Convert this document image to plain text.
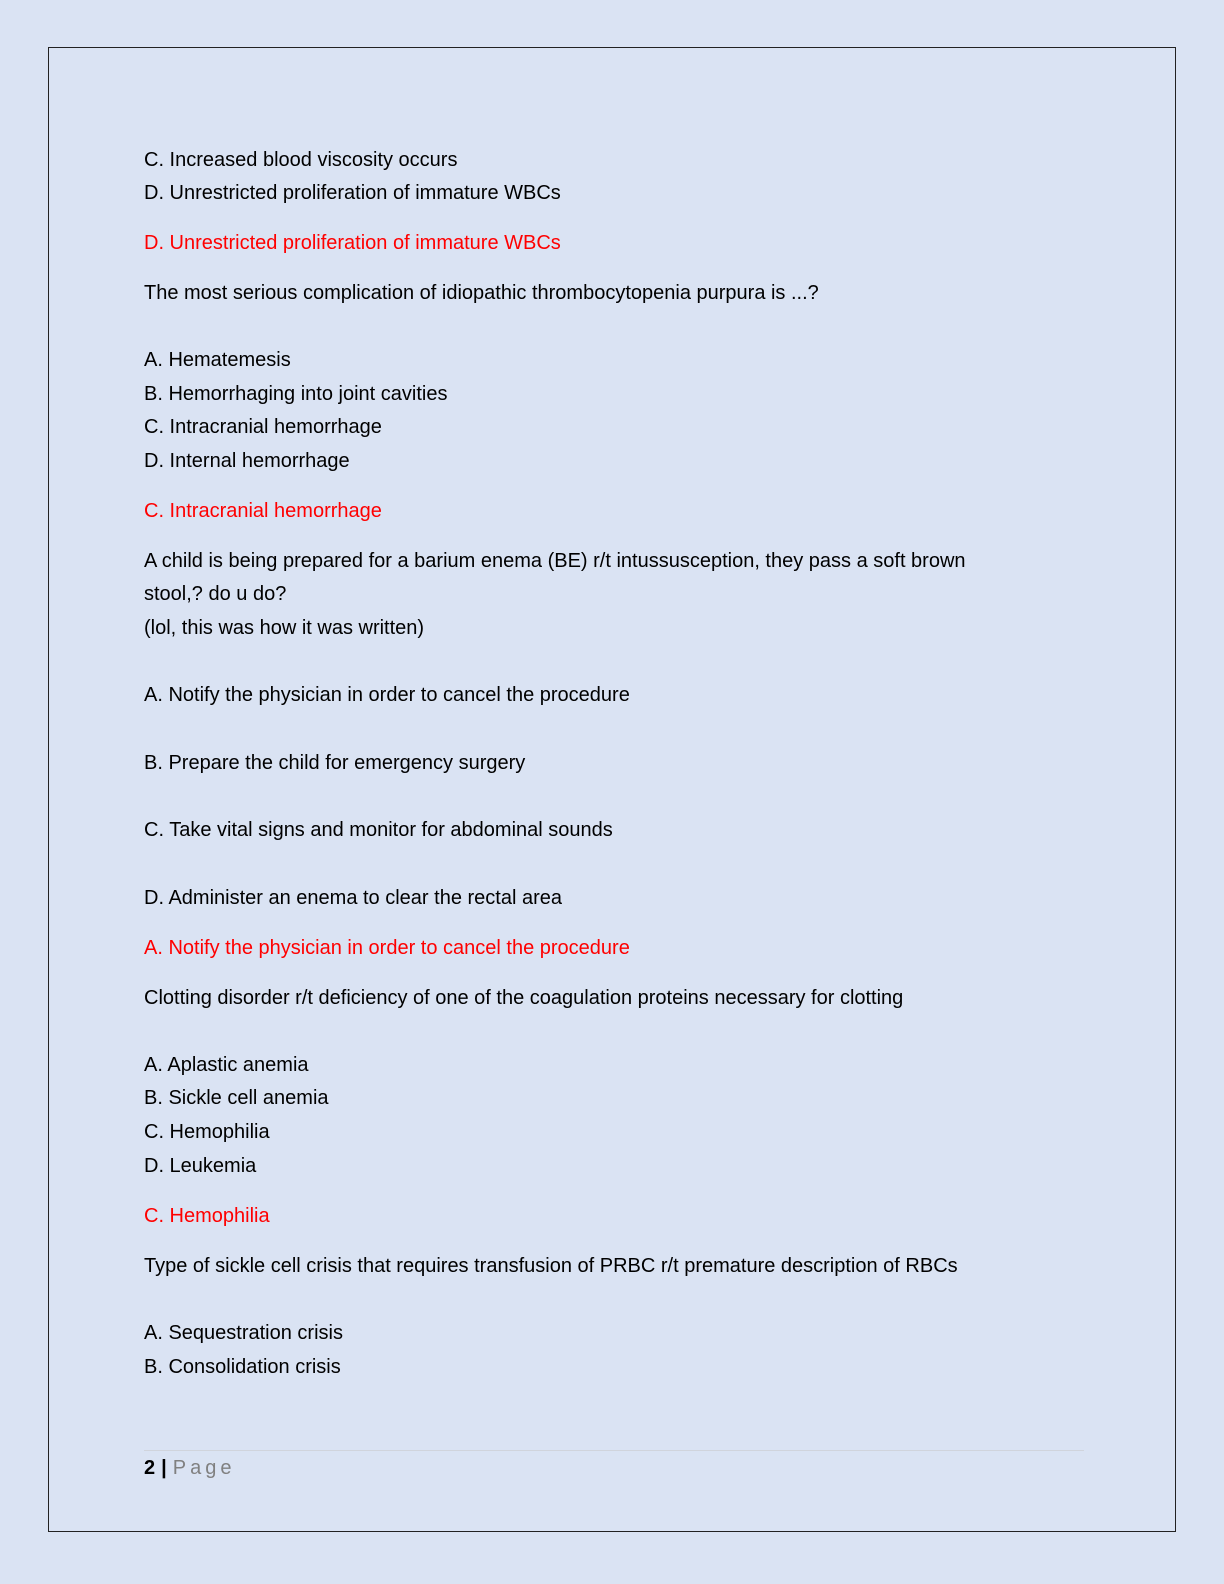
C. Increased blood viscosity occurs
D. Unrestricted proliferation of immature WBCs
D. Unrestricted proliferation of immature WBCs
The most serious complication of idiopathic thrombocytopenia purpura is ...?
A. Hematemesis
B. Hemorrhaging into joint cavities
C. Intracranial hemorrhage
D. Internal hemorrhage
C. Intracranial hemorrhage
A child is being prepared for a barium enema (BE) r/t intussusception, they pass a soft brown
stool,? do u do?
(lol, this was how it was written)
A. Notify the physician in order to cancel the procedure
B. Prepare the child for emergency surgery
C. Take vital signs and monitor for abdominal sounds
D. Administer an enema to clear the rectal area
A. Notify the physician in order to cancel the procedure
Clotting disorder r/t deficiency of one of the coagulation proteins necessary for clotting
A. Aplastic anemia
B. Sickle cell anemia
C. Hemophilia
D. Leukemia
C. Hemophilia
Type of sickle cell crisis that requires transfusion of PRBC r/t premature description of RBCs
A. Sequestration crisis
B. Consolidation crisis
2 | Page
